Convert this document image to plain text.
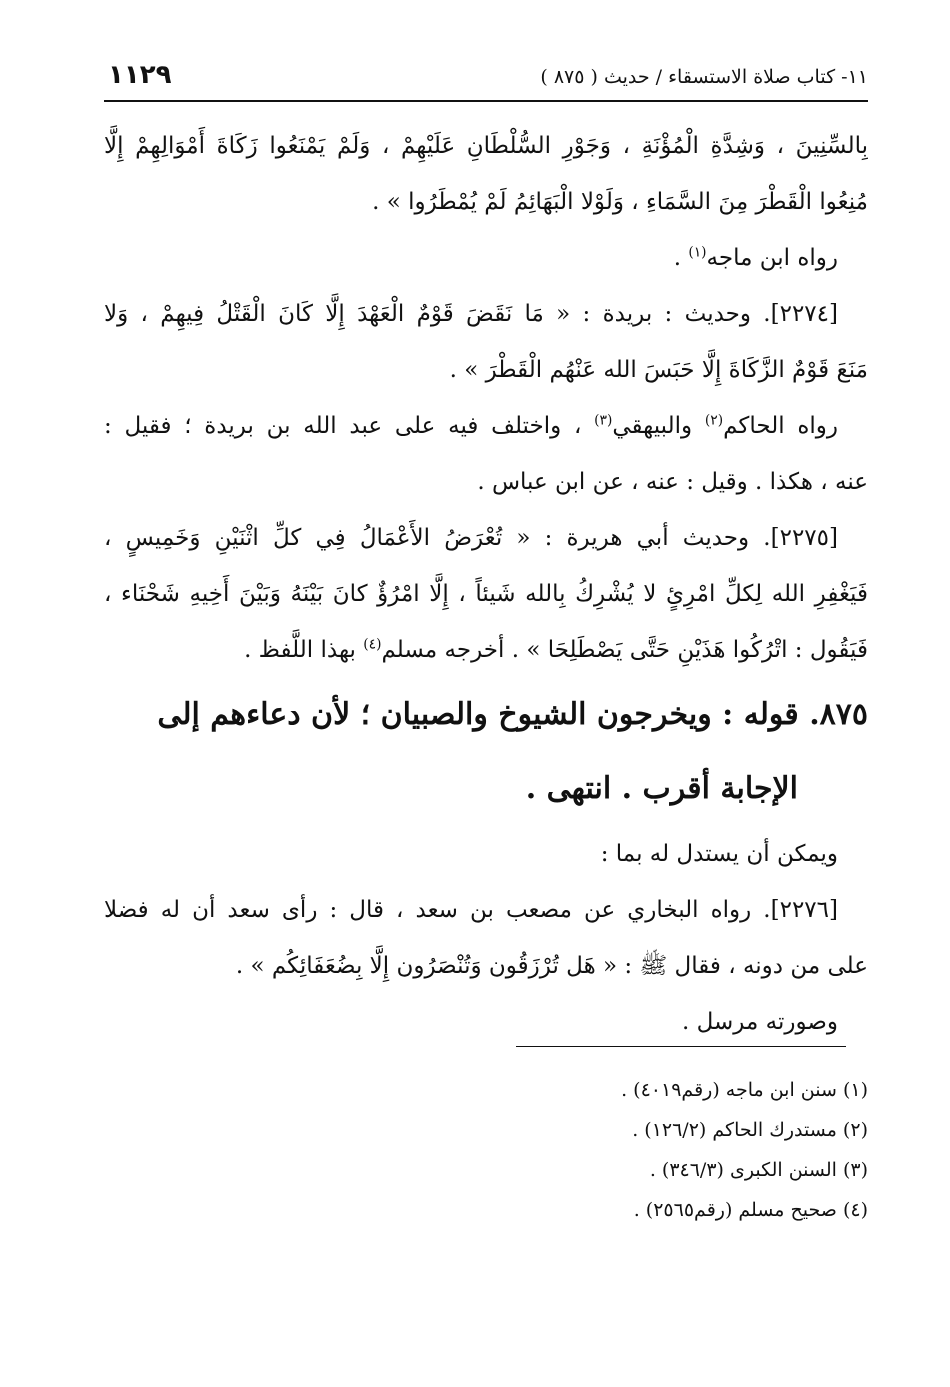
١١٢٩	١١- كتاب صلاة الاستسقاء / حديث ( ٨٧٥ )
بِالسِّنِينَ ، وَشِدَّةِ الْمُؤْنَةِ ، وَجَوْرِ السُّلْطَانِ عَلَيْهِمْ ، وَلَمْ يَمْنَعُوا زَكَاةَ أَمْوَالِهِمْ إِلَّا
مُنِعُوا الْقَطْرَ مِنَ السَّمَاءِ ، وَلَوْلا الْبَهَائِمُ لَمْ يُمْطَرُوا » .
رواه ابن ماجه$^{(١)}$ .
[٢٢٧٤]. وحديث : بريدة : « مَا نَقَضَ قَوْمٌ الْعَهْدَ إِلَّا كَانَ الْقَتْلُ فِيهِمْ ، وَلا
مَنَعَ قَوْمٌ الزَّكَاةَ إِلَّا حَبَسَ الله عَنْهُم الْقَطْرَ » .
رواه الحاكم$^{(٢)}$ والبيهقي$^{(٣)}$ ، واختلف فيه على عبد الله بن بريدة ؛ فقيل :
عنه ، هكذا . وقيل : عنه ، عن ابن عباس .
[٢٢٧٥]. وحديث أبي هريرة : « تُعْرَضُ الأَعْمَالُ فِي كلِّ اثْنَيْنِ وَخَمِيسٍ ،
فَيَغْفِرِ الله لِكلِّ امْرِئٍ لا يُشْرِكُ بِالله شَيئاً ، إِلَّا امْرُؤٌ كانَ بَيْنَهُ وَبَيْنَ أَخِيهِ شَحْنَاء ،
فَيَقُول : اتْرُكُوا هَذَيْنِ حَتَّى يَصْطَلِحَا » . أخرجه مسلم$^{(٤)}$ بهذا اللَّفظ .
٨٧٥. قوله : ويخرجون الشيوخ والصبيان ؛ لأن دعاءهم إلى
الإجابة أقرب . انتهى .
ويمكن أن يستدل له بما :
[٢٢٧٦]. رواه البخاري عن مصعب بن سعد ، قال : رأى سعد أن له فضلا
على من دونه ، فقال ﷺ : « هَل تُرْزَقُون وَتُنْصَرُون إِلَّا بِضُعَفَائِكُم » .
وصورته مرسل .
(١) سنن ابن ماجه (رقم٤٠١٩) .
(٢) مستدرك الحاكم (١٢٦/٢) .
(٣) السنن الكبرى (٣٤٦/٣) .
(٤) صحيح مسلم (رقم٢٥٦٥) .
